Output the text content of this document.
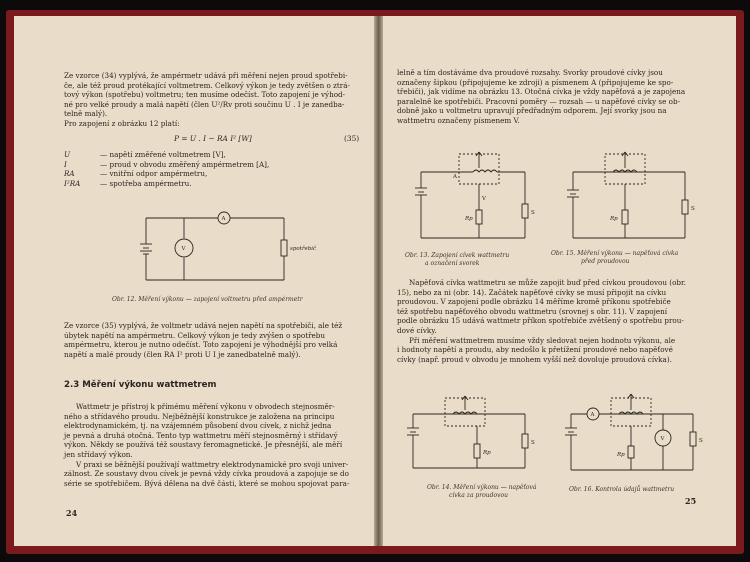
Ze vzorce (34) vyplývá, že ampérmetr udává při měření nejen proud spotřebi-

če, ale též proud protékající voltmetrem. Celkový výkon je tedy zvětšen o ztrá-

tový výkon (spotřebu) voltmetru; ten musíme odečíst. Toto zapojení je výhod-

né pro velké proudy a malá napětí (člen U²/Rv proti součinu U . I je zanedba-

telně malý).

Pro zapojení z obrázku 12 platí:

P = U . I − RA I² [W]	(35)
U	— napětí změřené voltmetrem [V],
I	— proud v obvodu změřený ampérmetrem [A],
RA	— vnitřní odpor ampérmetru,
I²RA	— spotřeba ampérmetru.
A
V	spotřebič
Obr. 12. Měření výkonu — zapojení voltmetru před ampérmetr

Ze vzorce (35) vyplývá, že voltmetr udává nejen napětí na spotřebiči, ale též

úbytek napětí na ampérmetru. Celkový výkon je tedy zvýšen o spotřebu

ampérmetru, kterou je nutno odečíst. Toto zapojení je výhodnější pro velká

napětí a malé proudy (člen RA I² proti U I je zanedbatelně malý).

2.3 Měření výkonu wattmetrem

Wattmetr je přístroj k přímému měření výkonu v obvodech stejnosměr-

ného a střídavého proudu. Nejběžnější konstrukce je založena na principu

elektrodynamickém, tj. na vzájemném působení dvou cívek, z nichž jedna

je pevná a druhá otočná. Tento typ wattmetru měří stejnosměrný i střídavý

výkon. Někdy se používá též soustavy feromagnetické. Je přesnější, ale měří

jen střídavý výkon.

V praxi se běžnější používají wattmetry elektrodynamické pro svoji univer-

zálnost. Ze soustavy dvou cívek je pevná vždy cívka proudová a zapojuje se do

série se spotřebičem. Bývá dělena na dvě části, které se mohou spojovat para-

24

lelně a tím dostáváme dva proudové rozsahy. Svorky proudové cívky jsou

označeny šipkou (připojujeme ke zdroji) a písmenem A (připojujeme ke spo-

třebiči), jak vidíme na obrázku 13. Otočná cívka je vždy napěťová a je zapojena

paralelně ke spotřebiči. Pracovní poměry — rozsah — u napěťové cívky se ob-

dobně jako u voltmetru upravují předřadným odporem. Její svorky jsou na

wattmetru označeny písmenem V.

A
V
Rp
S
Obr. 13. Zapojení cívek wattmetru
a označení svorek
Rp
S
Obr. 15. Měření výkonu — napěťová cívka
před proudovou

Napěťová cívka wattmetru se může zapojit buď před cívkou proudovou (obr.

15), nebo za ni (obr. 14). Začátek napěťové cívky se musí připojit na cívku

proudovou. V zapojení podle obrázku 14 měříme kromě příkonu spotřebiče

též spotřebu napěťového obvodu wattmetru (srovnej s obr. 11). V zapojení

podle obrázku 15 udává wattmetr příkon spotřebiče zvětšený o spotřebu prou-

dové cívky.

Při měření wattmetrem musíme vždy sledovat nejen hodnotu výkonu, ale

i hodnoty napětí a proudu, aby nedošlo k přetížení proudové nebo napěťové

cívky (např. proud v obvodu je mnohem vyšší než dovoluje proudová cívka).

Rp
S
Obr. 14. Měření výkonu — napěťová
cívka za proudovou
A
Rp
V	S
Obr. 16. Kontrola údajů wattmetru
25
